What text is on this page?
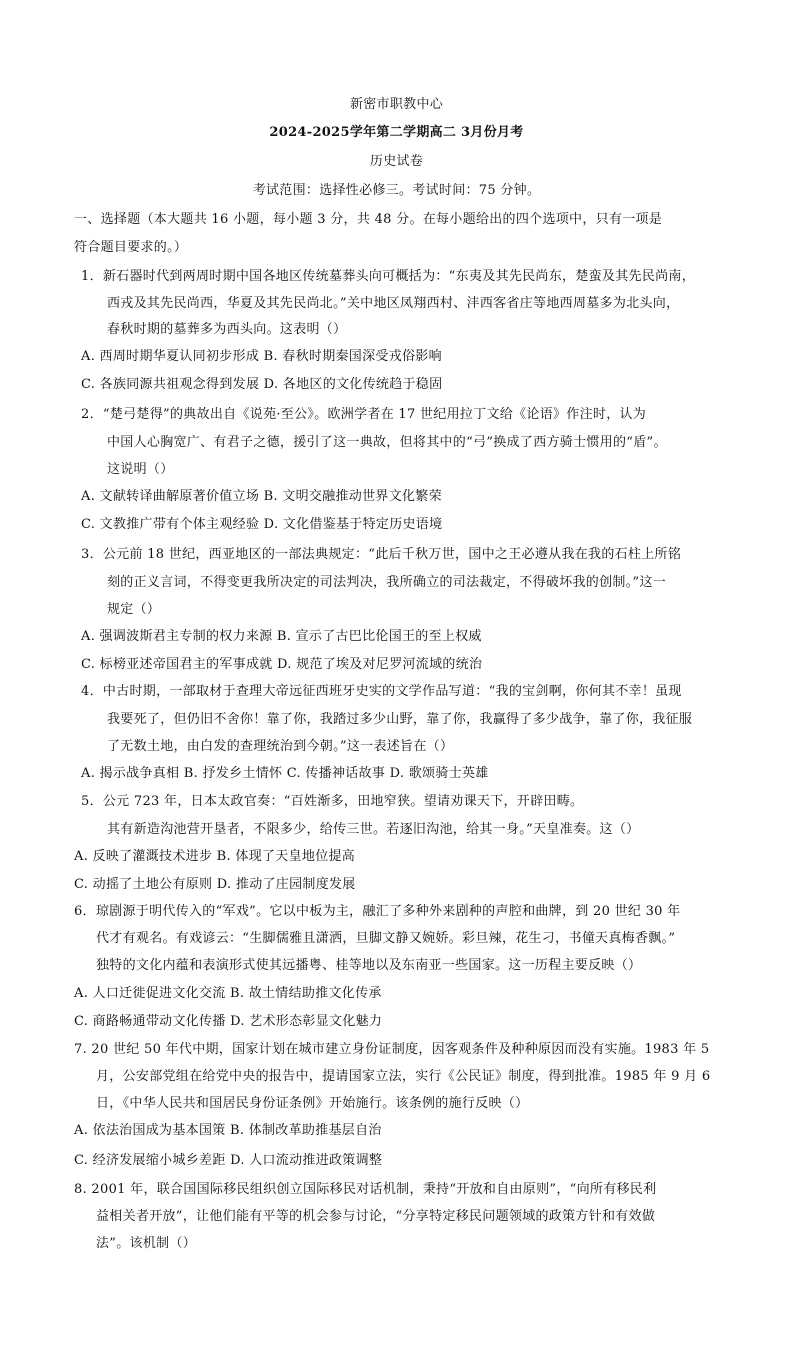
新密市职教中心
2024-2025学年第二学期高二 3月份月考
历史试卷
考试范围：选择性必修三。考试时间：75 分钟。
一、选择题（本大题共 16 小题，每小题 3 分，共 48 分。在每小题给出的四个选项中，只有一项是
符合题目要求的。）
1．新石器时代到两周时期中国各地区传统墓葬头向可概括为：“东夷及其先民尚东，楚蛮及其先民尚南，
西戎及其先民尚西，华夏及其先民尚北。”关中地区凤翔西村、沣西客省庄等地西周墓多为北头向，
春秋时期的墓葬多为西头向。这表明（）
A. 西周时期华夏认同初步形成 B. 春秋时期秦国深受戎俗影响
C. 各族同源共祖观念得到发展 D. 各地区的文化传统趋于稳固
2．“楚弓楚得”的典故出自《说苑·至公》。欧洲学者在 17 世纪用拉丁文给《论语》作注时，认为
中国人心胸宽广、有君子之德，援引了这一典故，但将其中的“弓”换成了西方骑士惯用的“盾”。
这说明（）
A. 文献转译曲解原著价值立场 B. 文明交融推动世界文化繁荣
C. 文教推广带有个体主观经验 D. 文化借鉴基于特定历史语境
3．公元前 18 世纪，西亚地区的一部法典规定：“此后千秋万世，国中之王必遵从我在我的石柱上所铭
刻的正义言词，不得变更我所决定的司法判决，我所确立的司法裁定，不得破坏我的创制。”这一
规定（）
A. 强调波斯君主专制的权力来源 B. 宣示了古巴比伦国王的至上权威
C. 标榜亚述帝国君主的军事成就 D. 规范了埃及对尼罗河流域的统治
4．中古时期，一部取材于查理大帝远征西班牙史实的文学作品写道：“我的宝剑啊，你何其不幸！虽现
我要死了，但仍旧不舍你！靠了你，我踏过多少山野，靠了你，我赢得了多少战争，靠了你，我征服
了无数土地，由白发的查理统治到今朝。”这一表述旨在（）
A. 揭示战争真相 B. 抒发乡土情怀 C. 传播神话故事 D. 歌颂骑士英雄
5．公元 723 年，日本太政官奏：“百姓渐多，田地窄狭。望请劝课天下，开辟田畴。
其有新造沟池营开垦者，不限多少，给传三世。若逐旧沟池，给其一身。”天皇准奏。这（）
A. 反映了灌溉技术进步 B. 体现了天皇地位提高
C. 动摇了土地公有原则 D. 推动了庄园制度发展
6．琼剧源于明代传入的“军戏”。它以中板为主，融汇了多种外来剧种的声腔和曲牌，到 20 世纪 30 年
代才有观名。有戏谚云：“生脚儒雅且潇洒，旦脚文静又婉娇。彩旦辣，花生刁，书僮天真梅香飘。”
独特的文化内蕴和表演形式使其远播粤、桂等地以及东南亚一些国家。这一历程主要反映（）
A. 人口迁徙促进文化交流 B. 故土情结助推文化传承
C. 商路畅通带动文化传播 D. 艺术形态彰显文化魅力
7. 20 世纪 50 年代中期，国家计划在城市建立身份证制度，因客观条件及种种原因而没有实施。1983 年 5
月，公安部党组在给党中央的报告中，提请国家立法，实行《公民证》制度，得到批准。1985 年 9 月 6
日，《中华人民共和国居民身份证条例》开始施行。该条例的施行反映（）
A. 依法治国成为基本国策 B. 体制改革助推基层自治
C. 经济发展缩小城乡差距 D. 人口流动推进政策调整
8. 2001 年，联合国国际移民组织创立国际移民对话机制，秉持“开放和自由原则”，“向所有移民利
益相关者开放”，让他们能有平等的机会参与讨论，“分享特定移民问题领域的政策方针和有效做
法”。该机制（）
